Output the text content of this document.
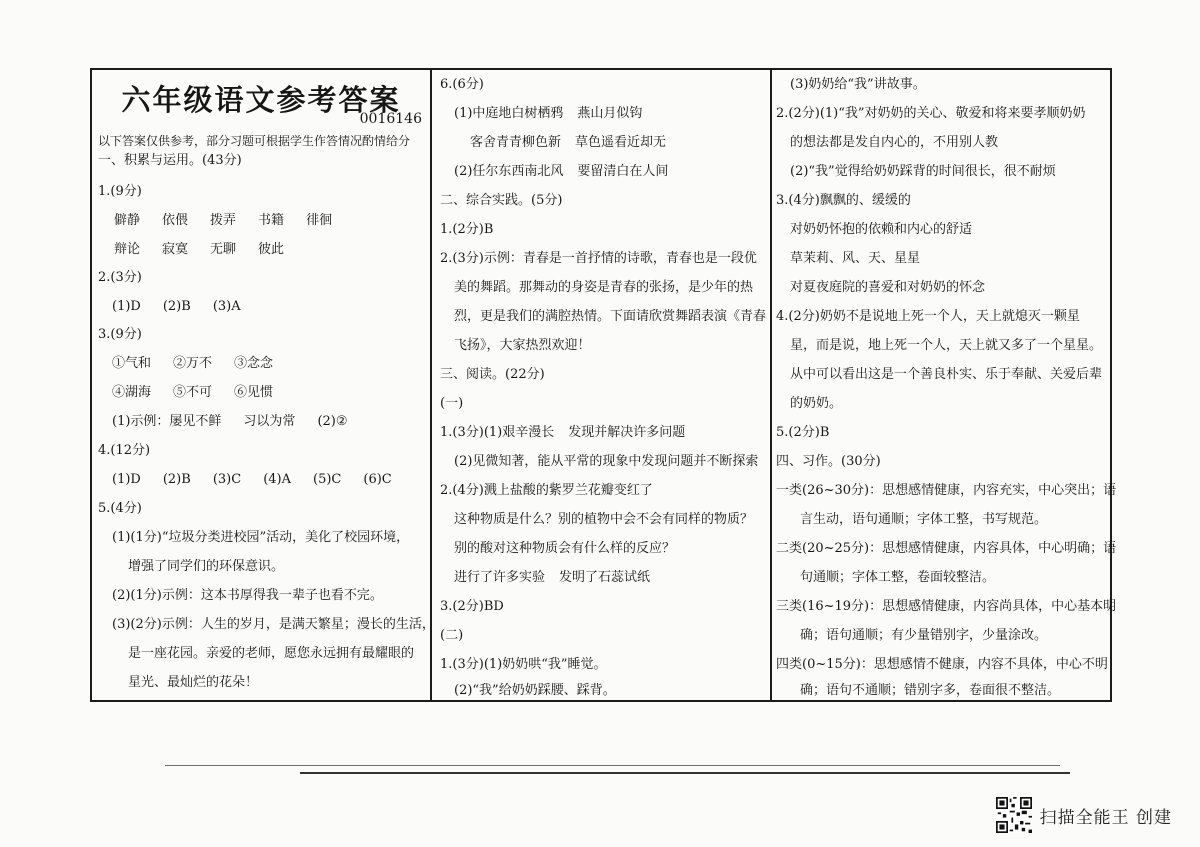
六年级语文参考答案
0016146
以下答案仅供参考，部分习题可根据学生作答情况酌情给分
一、积累与运用。(43分)
1.(9分)
僻静 依偎 拨弄 书籍 徘徊
辩论 寂寞 无聊 彼此
2.(3分)
(1)D (2)B (3)A
3.(9分)
①气和 ②万不 ③念念
④湖海 ⑤不可 ⑥见惯
(1)示例：屡见不鲜 习以为常 (2)②
4.(12分)
(1)D (2)B (3)C (4)A (5)C (6)C
5.(4分)
(1)(1分)“垃圾分类进校园”活动，美化了校园环境，
增强了同学们的环保意识。
(2)(1分)示例：这本书厚得我一辈子也看不完。
(3)(2分)示例：人生的岁月，是满天繁星；漫长的生活，
是一座花园。亲爱的老师，愿您永远拥有最耀眼的
星光、最灿烂的花朵！
6.(6分)
(1)中庭地白树栖鸦 燕山月似钩
客舍青青柳色新 草色遥看近却无
(2)任尔东西南北风 要留清白在人间
二、综合实践。(5分)
1.(2分)B
2.(3分)示例：青春是一首抒情的诗歌，青春也是一段优
美的舞蹈。那舞动的身姿是青春的张扬，是少年的热
烈，更是我们的满腔热情。下面请欣赏舞蹈表演《青春
飞扬》，大家热烈欢迎！
三、阅读。(22分)
(一)
1.(3分)(1)艰辛漫长 发现并解决许多问题
(2)见微知著，能从平常的现象中发现问题并不断探索
2.(4分)溅上盐酸的紫罗兰花瓣变红了
这种物质是什么？别的植物中会不会有同样的物质？
别的酸对这种物质会有什么样的反应？
进行了许多实验 发明了石蕊试纸
3.(2分)BD
(二)
1.(3分)(1)奶奶哄“我”睡觉。
(2)“我”给奶奶踩腰、踩背。
(3)奶奶给“我”讲故事。
2.(2分)(1)“我”对奶奶的关心、敬爱和将来要孝顺奶奶
的想法都是发自内心的，不用别人教
(2)“我”觉得给奶奶踩背的时间很长，很不耐烦
3.(4分)飘飘的、缓缓的
对奶奶怀抱的依赖和内心的舒适
草茉莉、风、天、星星
对夏夜庭院的喜爱和对奶奶的怀念
4.(2分)奶奶不是说地上死一个人，天上就熄灭一颗星
星，而是说，地上死一个人，天上就又多了一个星星。
从中可以看出这是一个善良朴实、乐于奉献、关爱后辈
的奶奶。
5.(2分)B
四、习作。(30分)
一类(26~30分)：思想感情健康，内容充实，中心突出；语
言生动，语句通顺；字体工整，书写规范。
二类(20~25分)：思想感情健康，内容具体，中心明确；语
句通顺；字体工整，卷面较整洁。
三类(16~19分)：思想感情健康，内容尚具体，中心基本明
确；语句通顺；有少量错别字，少量涂改。
四类(0~15分)：思想感情不健康，内容不具体，中心不明
确；语句不通顺；错别字多，卷面很不整洁。
扫描全能王 创建
